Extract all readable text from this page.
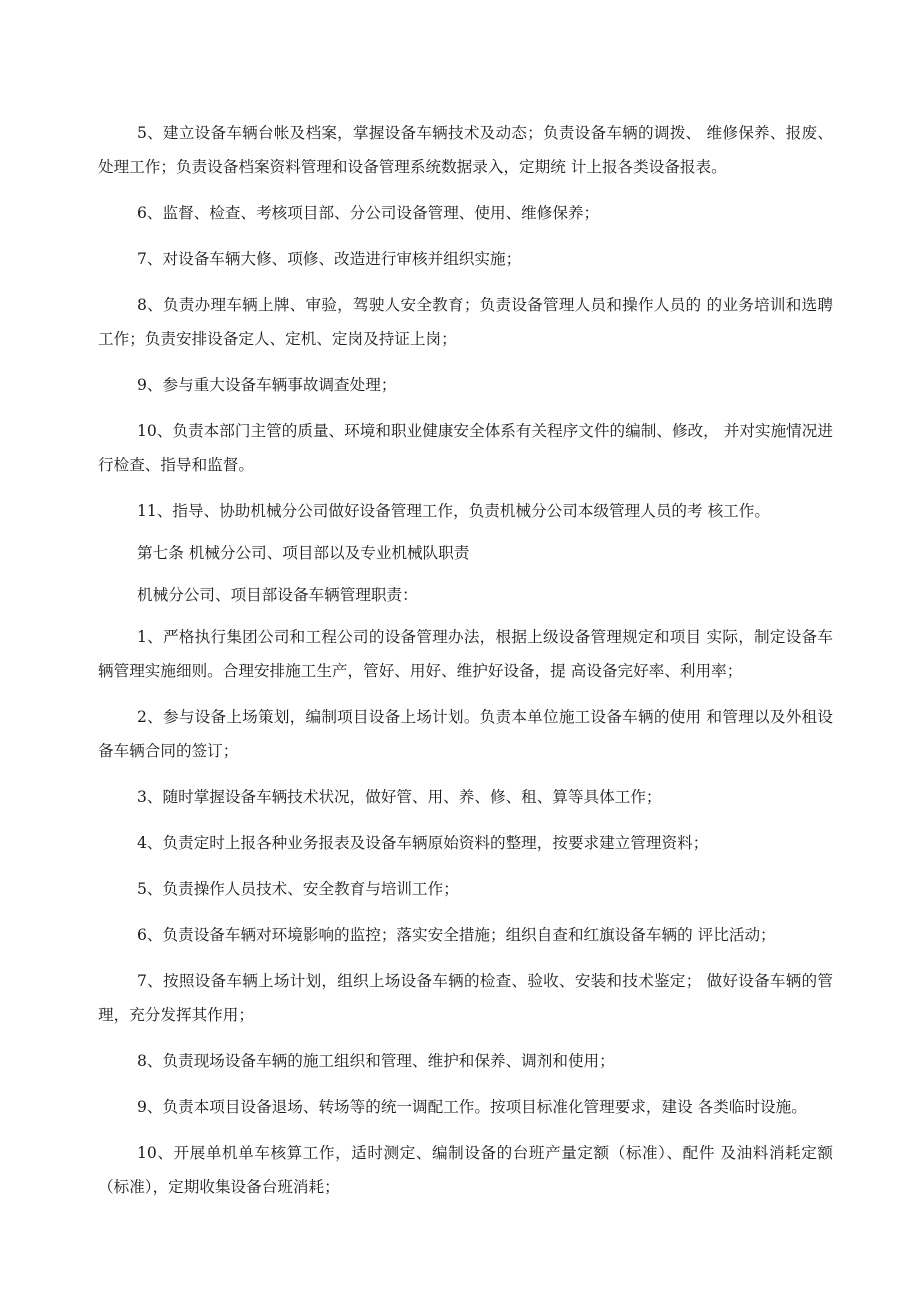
5、建立设备车辆台帐及档案，掌握设备车辆技术及动态；负责设备车辆的调拨、 维修保养、报废、处理工作；负责设备档案资料管理和设备管理系统数据录入，定期统 计上报各类设备报表。

6、监督、检查、考核项目部、分公司设备管理、使用、维修保养；

7、对设备车辆大修、项修、改造进行审核并组织实施；

8、负责办理车辆上牌、审验，驾驶人安全教育；负责设备管理人员和操作人员的 的业务培训和选聘工作；负责安排设备定人、定机、定岗及持证上岗；

9、参与重大设备车辆事故调查处理；

10、负责本部门主管的质量、环境和职业健康安全体系有关程序文件的编制、修改， 并对实施情况进行检查、指导和监督。

11、指导、协助机械分公司做好设备管理工作，负责机械分公司本级管理人员的考 核工作。

第七条 机械分公司、项目部以及专业机械队职责

机械分公司、项目部设备车辆管理职责：

1、严格执行集团公司和工程公司的设备管理办法，根据上级设备管理规定和项目 实际，制定设备车辆管理实施细则。合理安排施工生产，管好、用好、维护好设备，提 高设备完好率、利用率；

2、参与设备上场策划，编制项目设备上场计划。负责本单位施工设备车辆的使用 和管理以及外租设备车辆合同的签订；

3、随时掌握设备车辆技术状况，做好管、用、养、修、租、算等具体工作；

4、负责定时上报各种业务报表及设备车辆原始资料的整理，按要求建立管理资料；

5、负责操作人员技术、安全教育与培训工作；

6、负责设备车辆对环境影响的监控；落实安全措施；组织自查和红旗设备车辆的 评比活动；

7、按照设备车辆上场计划，组织上场设备车辆的检查、验收、安装和技术鉴定； 做好设备车辆的管理，充分发挥其作用；

8、负责现场设备车辆的施工组织和管理、维护和保养、调剂和使用；

9、负责本项目设备退场、转场等的统一调配工作。按项目标准化管理要求，建设 各类临时设施。

10、开展单机单车核算工作，适时测定、编制设备的台班产量定额（标准）、配件 及油料消耗定额（标准），定期收集设备台班消耗；
